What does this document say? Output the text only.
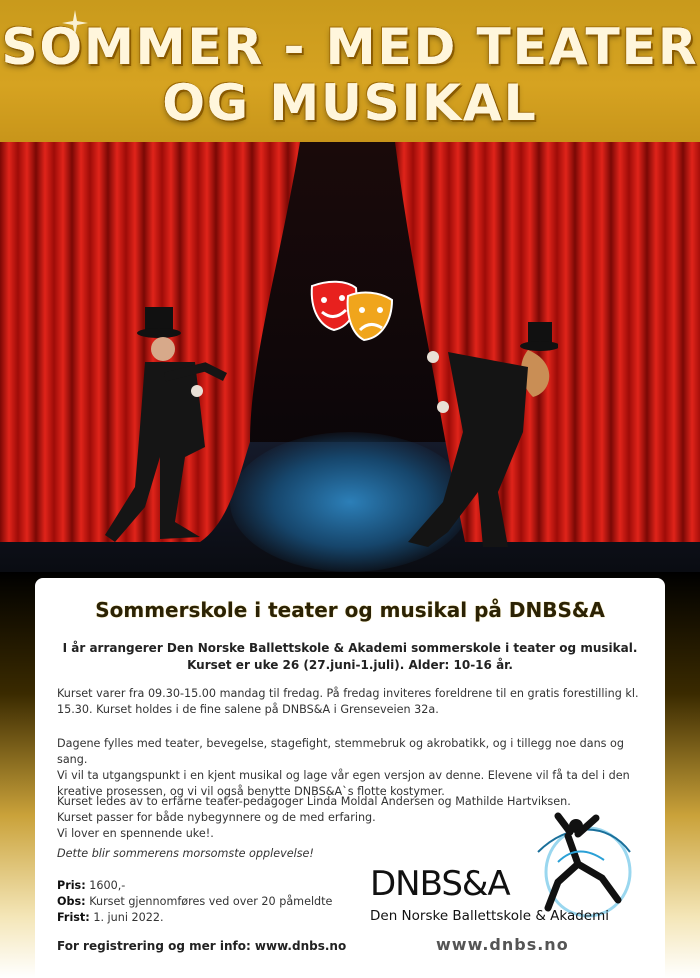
SOMMER - MED TEATER
OG MUSIKAL
Sommerskole i teater og musikal på DNBS&A
I år arrangerer Den Norske Ballettskole & Akademi sommerskole i teater og musikal.
Kurset er uke 26 (27.juni-1.juli). Alder: 10-16 år.
Kurset varer fra 09.30-15.00 mandag til fredag. På fredag inviteres foreldrene til en gratis forestilling kl.
15.30. Kurset holdes i de fine salene på DNBS&A i Grenseveien 32a.
Dagene fylles med teater, bevegelse, stagefight, stemmebruk og akrobatikk, og i tillegg noe dans og sang.
Vi vil ta utgangspunkt i en kjent musikal og lage vår egen versjon av denne. Elevene vil få ta del i den
kreative prosessen, og vi vil også benytte DNBS&A`s flotte kostymer.
Kurset ledes av to erfarne teater-pedagoger Linda Moldal Andersen og Mathilde Hartviksen.
Kurset passer for både nybegynnere og de med erfaring.
Vi lover en spennende uke!.
Dette blir sommerens morsomste opplevelse!
Pris: 1600,-
Obs: Kurset gjennomføres ved over 20 påmeldte
Frist: 1. juni 2022.
For registrering og mer info: www.dnbs.no
DNBS&A
Den Norske Ballettskole & Akademi
www.dnbs.no
